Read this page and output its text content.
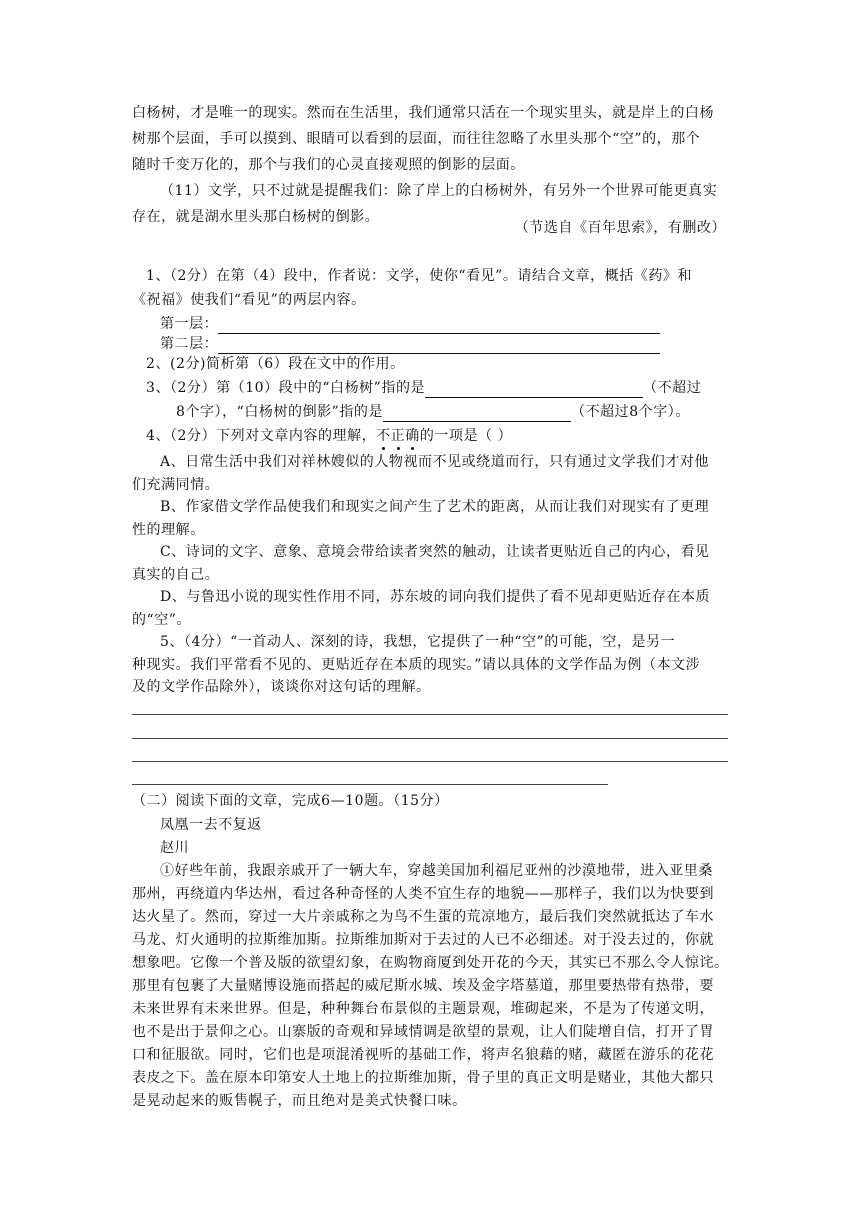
白杨树，才是唯一的现实。然而在生活里，我们通常只活在一个现实里头，就是岸上的白杨
树那个层面，手可以摸到、眼睛可以看到的层面，而往往忽略了水里头那个“空”的，那个
随时千变万化的，那个与我们的心灵直接观照的倒影的层面。
（11）文学，只不过就是提醒我们：除了岸上的白杨树外，有另外一个世界可能更真实
存在，就是湖水里头那白杨树的倒影。
（节选自《百年思索》，有删改）
1、（2分）在第（4）段中，作者说：文学，使你“看见”。请结合文章，概括《药》和
《祝福》使我们“看见”的两层内容。
第一层：
第二层：
2、(2分)简析第（6）段在文中的作用。
3、（2分）第（10）段中的“白杨树”指的是	（不超过
8个字），“白杨树的倒影”指的是	（不超过8个字）。
4、（2分）下列对文章内容的理解，不正确的一项是（ ）
A、日常生活中我们对祥林嫂似的人物视而不见或绕道而行，只有通过文学我们才对他
们充满同情。
B、作家借文学作品使我们和现实之间产生了艺术的距离，从而让我们对现实有了更理
性的理解。
C、诗词的文字、意象、意境会带给读者突然的触动，让读者更贴近自己的内心，看见
真实的自己。
D、与鲁迅小说的现实性作用不同，苏东坡的词向我们提供了看不见却更贴近存在本质
的“空”。
5、（4分）“一首动人、深刻的诗，我想，它提供了一种“空”的可能，空，是另一
种现实。我们平常看不见的、更贴近存在本质的现实。”请以具体的文学作品为例（本文涉
及的文学作品除外），谈谈你对这句话的理解。
（二）阅读下面的文章，完成6—10题。（15分）
凤凰一去不复返
赵川
①好些年前，我跟亲戚开了一辆大车，穿越美国加利福尼亚州的沙漠地带，进入亚里桑
那州，再绕道内华达州，看过各种奇怪的人类不宜生存的地貌——那样子，我们以为快要到
达火星了。然而，穿过一大片亲戚称之为鸟不生蛋的荒凉地方，最后我们突然就抵达了车水
马龙、灯火通明的拉斯维加斯。拉斯维加斯对于去过的人已不必细述。对于没去过的，你就
想象吧。它像一个普及版的欲望幻象，在购物商厦到处开花的今天，其实已不那么令人惊诧。
那里有包裹了大量赌博设施而搭起的威尼斯水城、埃及金字塔墓道，那里要热带有热带，要
未来世界有未来世界。但是，种种舞台布景似的主题景观，堆砌起来，不是为了传递文明，
也不是出于景仰之心。山寨版的奇观和异域情调是欲望的景观，让人们陡增自信，打开了胃
口和征服欲。同时，它们也是项混淆视听的基础工作，将声名狼藉的赌，藏匿在游乐的花花
表皮之下。盖在原本印第安人土地上的拉斯维加斯，骨子里的真正文明是赌业，其他大都只
是晃动起来的贩售幌子，而且绝对是美式快餐口味。
